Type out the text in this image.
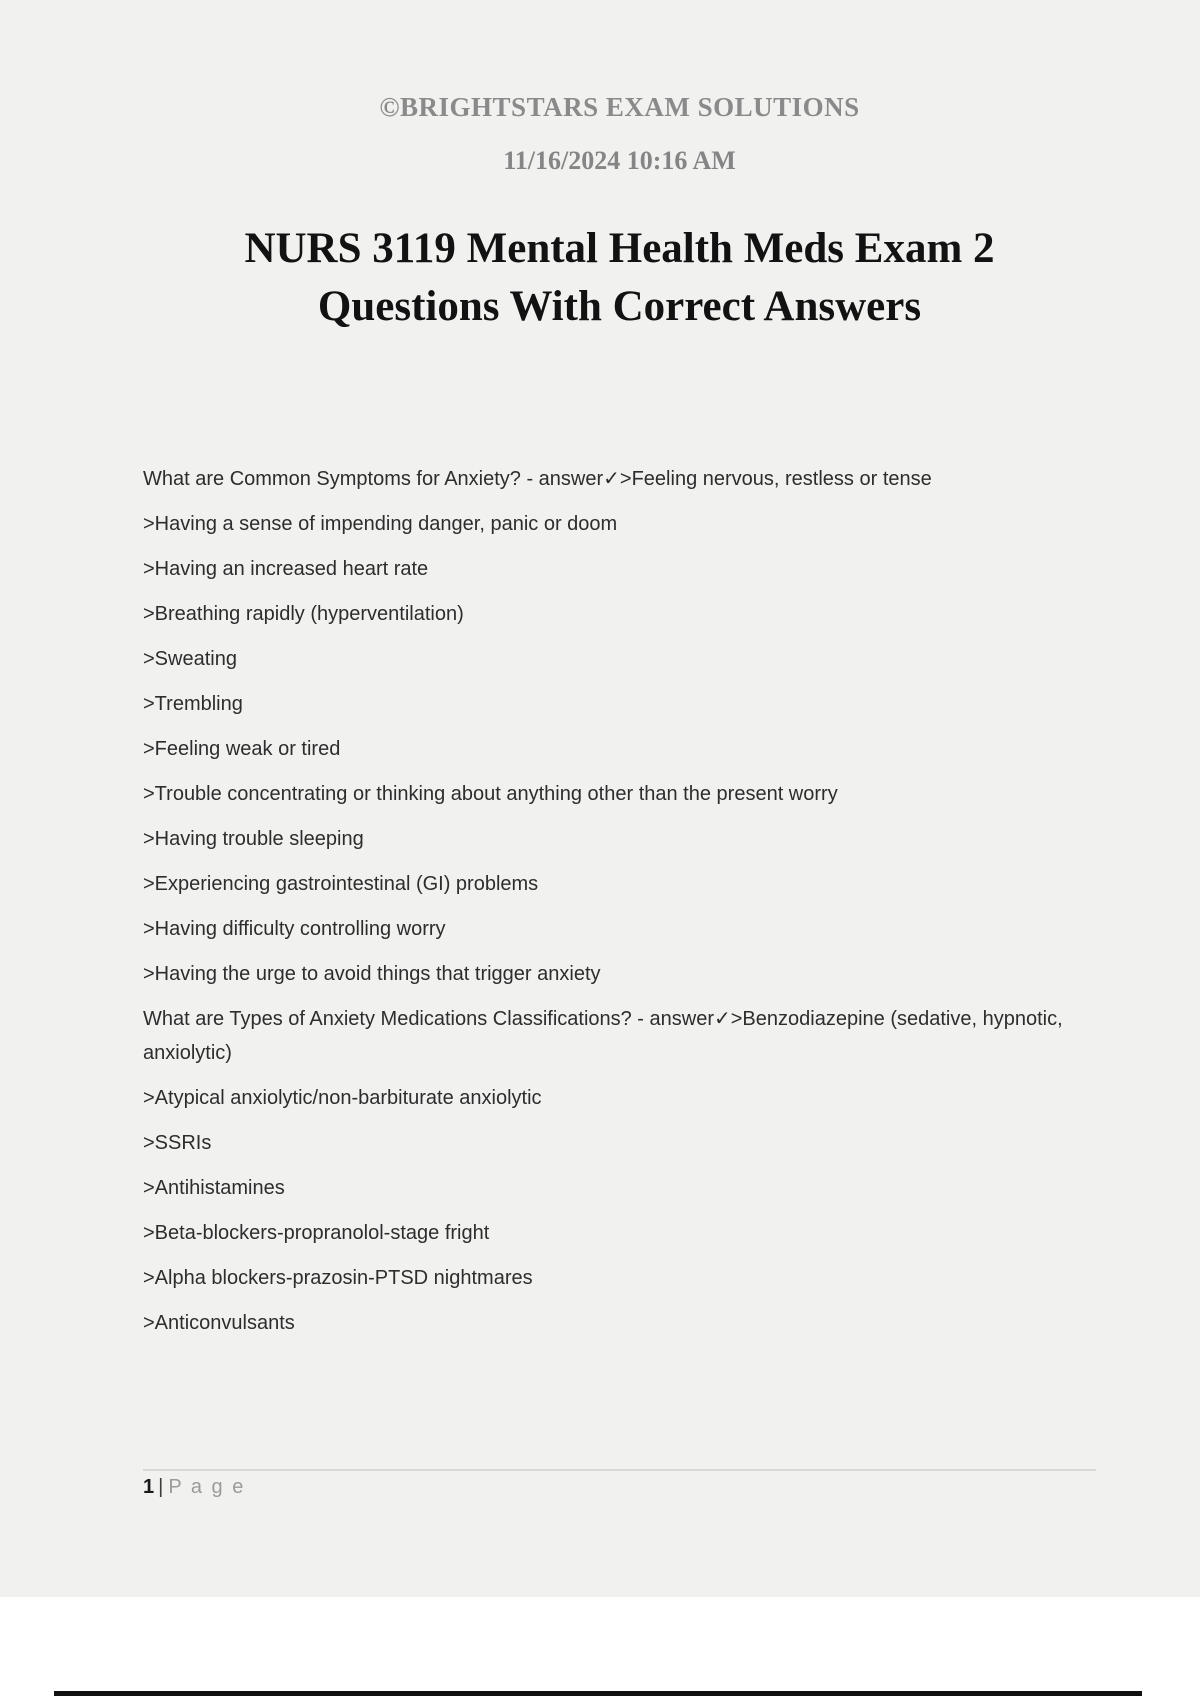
©BRIGHTSTARS EXAM SOLUTIONS
11/16/2024 10:16 AM
NURS 3119 Mental Health Meds Exam 2
Questions With Correct Answers

What are Common Symptoms for Anxiety? - answer✓>Feeling nervous, restless or tense

>Having a sense of impending danger, panic or doom

>Having an increased heart rate

>Breathing rapidly (hyperventilation)

>Sweating

>Trembling

>Feeling weak or tired

>Trouble concentrating or thinking about anything other than the present worry

>Having trouble sleeping

>Experiencing gastrointestinal (GI) problems

>Having difficulty controlling worry

>Having the urge to avoid things that trigger anxiety

What are Types of Anxiety Medications Classifications? - answer✓>Benzodiazepine (sedative, hypnotic, anxiolytic)

>Atypical anxiolytic/non-barbiturate anxiolytic

>SSRIs

>Antihistamines

>Beta-blockers-propranolol-stage fright

>Alpha blockers-prazosin-PTSD nightmares

>Anticonvulsants

1 | P a g e
